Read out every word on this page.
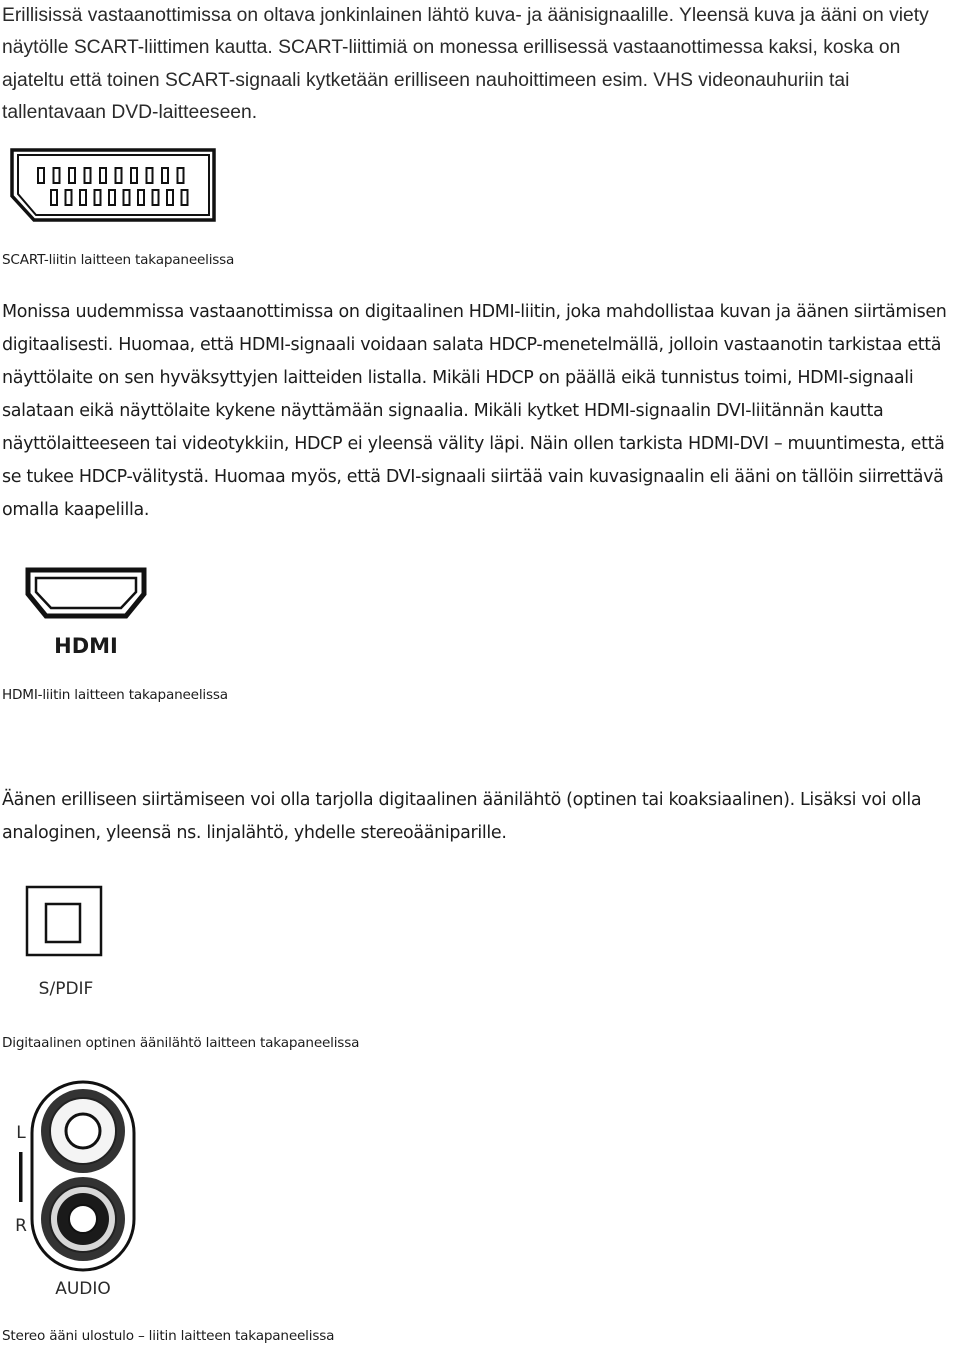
Erillisissä vastaanottimissa on oltava jonkinlainen lähtö kuva- ja äänisignaalille. Yleensä kuva ja ääni on viety näytölle SCART-liittimen kautta. SCART-liittimiä on monessa erillisessä vastaanottimessa kaksi, koska on ajateltu että toinen SCART-signaali kytketään erilliseen nauhoittimeen esim. VHS videonauhuriin tai tallentavaan DVD-laitteeseen.

SCART-liitin laitteen takapaneelissa

Monissa uudemmissa vastaanottimissa on digitaalinen HDMI-liitin, joka mahdollistaa kuvan ja äänen siirtämisen digitaalisesti. Huomaa, että HDMI-signaali voidaan salata HDCP-menetelmällä, jolloin vastaanotin tarkistaa että näyttölaite on sen hyväksyttyjen laitteiden listalla. Mikäli HDCP on päällä eikä tunnistus toimi, HDMI-signaali salataan eikä näyttölaite kykene näyttämään signaalia. Mikäli kytket HDMI-signaalin DVI-liitännän kautta näyttölaitteeseen tai videotykkiin, HDCP ei yleensä välity läpi. Näin ollen tarkista HDMI-DVI – muuntimesta, että se tukee HDCP-välitystä. Huomaa myös, että DVI-signaali siirtää vain kuvasignaalin eli ääni on tällöin siirrettävä omalla kaapelilla.

HDMI
HDMI-liitin laitteen takapaneelissa

Äänen erilliseen siirtämiseen voi olla tarjolla digitaalinen äänilähtö (optinen tai koaksiaalinen). Lisäksi voi olla analoginen, yleensä ns. linjalähtö, yhdelle stereoääniparille.

S/PDIF
Digitaalinen optinen äänilähtö laitteen takapaneelissa
L
R
AUDIO
Stereo ääni ulostulo – liitin laitteen takapaneelissa
